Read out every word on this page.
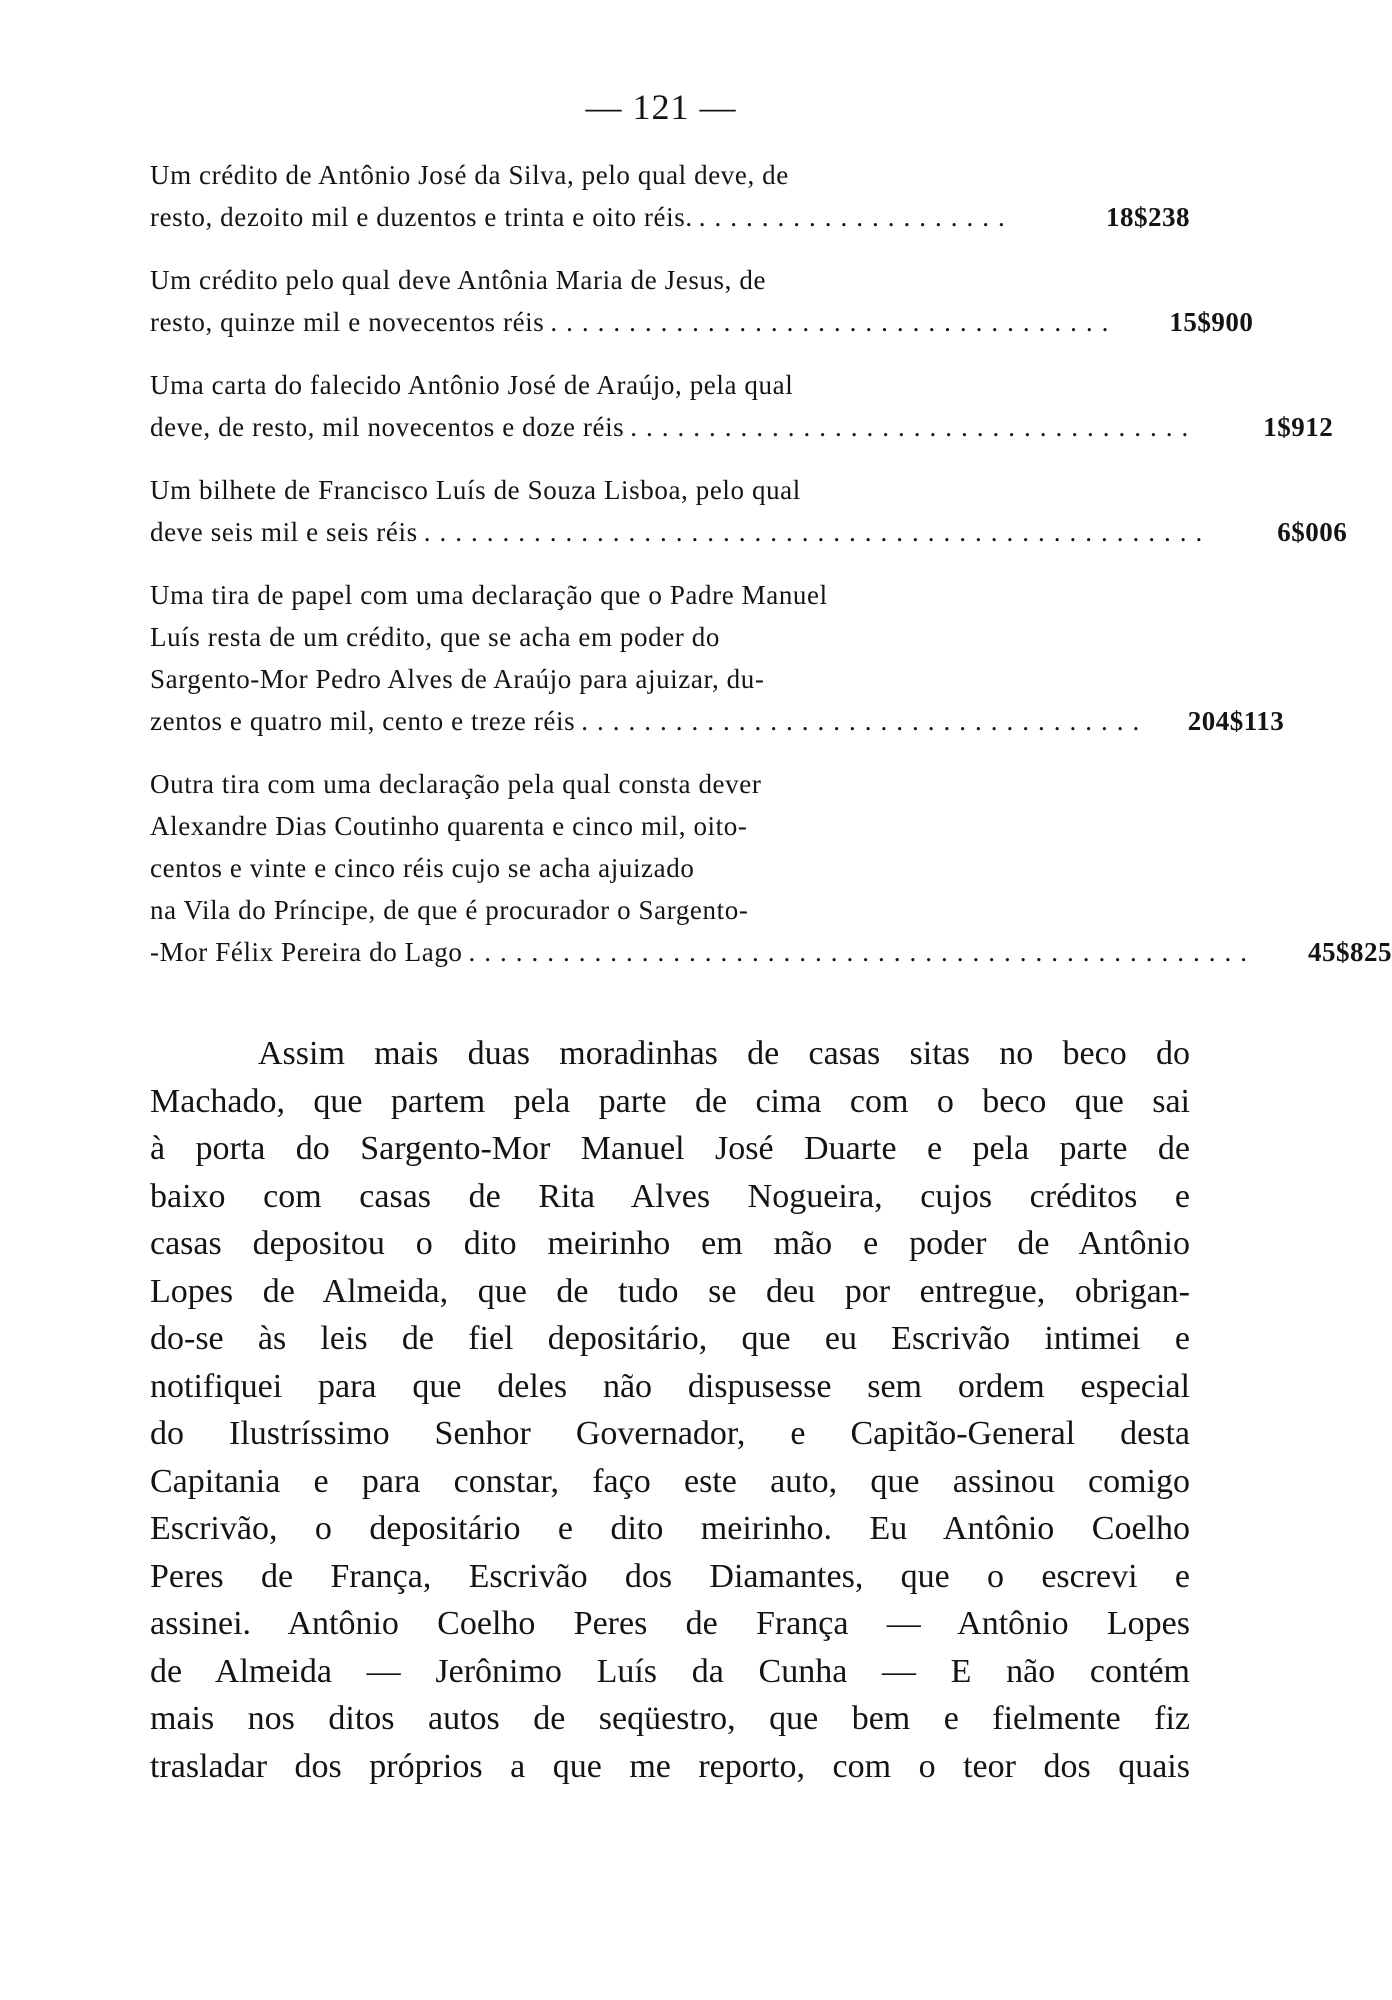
— 121 —
Um crédito de Antônio José da Silva, pelo qual deve, de
resto, dezoito mil e duzentos e trinta e oito réis. ....................	18$238
Um crédito pelo qual deve Antônia Maria de Jesus, de
resto, quinze mil e novecentos réis ....................................	15$900
Uma carta do falecido Antônio José de Araújo, pela qual
deve, de resto, mil novecentos e doze réis ....................................	1$912
Um bilhete de Francisco Luís de Souza Lisboa, pelo qual
deve seis mil e seis réis ..................................................	6$006
Uma tira de papel com uma declaração que o Padre Manuel
Luís resta de um crédito, que se acha em poder do
Sargento-Mor Pedro Alves de Araújo para ajuizar, du-
zentos e quatro mil, cento e treze réis ....................................	204$113
Outra tira com uma declaração pela qual consta dever
Alexandre Dias Coutinho quarenta e cinco mil, oito-
centos e vinte e cinco réis cujo se acha ajuizado
na Vila do Príncipe, de que é procurador o Sargento-
-Mor Félix Pereira do Lago ..................................................	45$825
Assim mais duas moradinhas de casas sitas no beco do
Machado, que partem pela parte de cima com o beco que sai
à porta do Sargento-Mor Manuel José Duarte e pela parte de
baixo com casas de Rita Alves Nogueira, cujos créditos e
casas depositou o dito meirinho em mão e poder de Antônio
Lopes de Almeida, que de tudo se deu por entregue, obrigan-
do-se às leis de fiel depositário, que eu Escrivão intimei e
notifiquei para que deles não dispusesse sem ordem especial
do Ilustríssimo Senhor Governador, e Capitão-General desta
Capitania e para constar, faço este auto, que assinou comigo
Escrivão, o depositário e dito meirinho. Eu Antônio Coelho
Peres de França, Escrivão dos Diamantes, que o escrevi e
assinei. Antônio Coelho Peres de França — Antônio Lopes
de Almeida — Jerônimo Luís da Cunha — E não contém
mais nos ditos autos de seqüestro, que bem e fielmente fiz
trasladar dos próprios a que me reporto, com o teor dos quais
